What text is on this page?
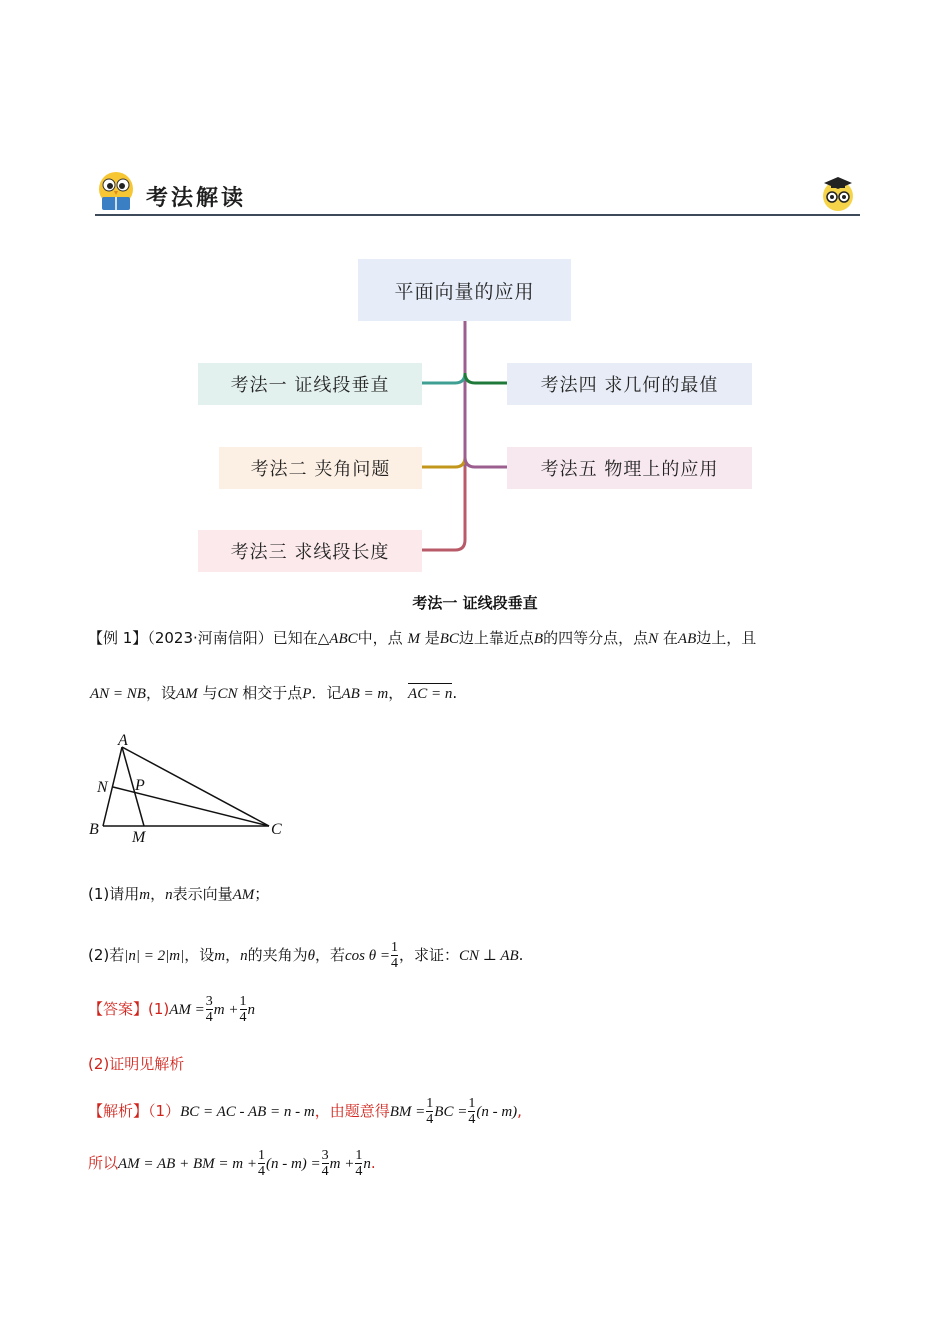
考法解读
平面向量的应用
考法一 证线段垂直
考法二 夹角问题
考法三 求线段长度
考法四 求几何的最值
考法五 物理上的应用
考法一 证线段垂直
【例 1】（2023·河南信阳）已知在△ABC中，点 M 是BC边上靠近点B的四等分点，点N 在AB边上，且
AN = NB，设AM 与CN 相交于点P．记AB = m， AC = n.
A
B	C
M
N P
(1)请用m，n表示向量AM；
(2)若|n| = 2|m|，设m，n的夹角为θ，若$\cos \theta = \frac{1}{4}$ ，求证：CN ⊥ AB.
【答案】$(1)AM = \frac{3}{4}$ $m + \frac{1}{4}$ n
(2)证明见解析
【解析】（1）BC = AC - AB = n - m，由题意得BM = $\frac{1}{4}$ BC = $\frac{1}{4} (n - m)$,
所以AM = AB + BM = $m + \frac{1}{4} (n - m) = \frac{3}{4}$ $m + \frac{1}{4} n$.
